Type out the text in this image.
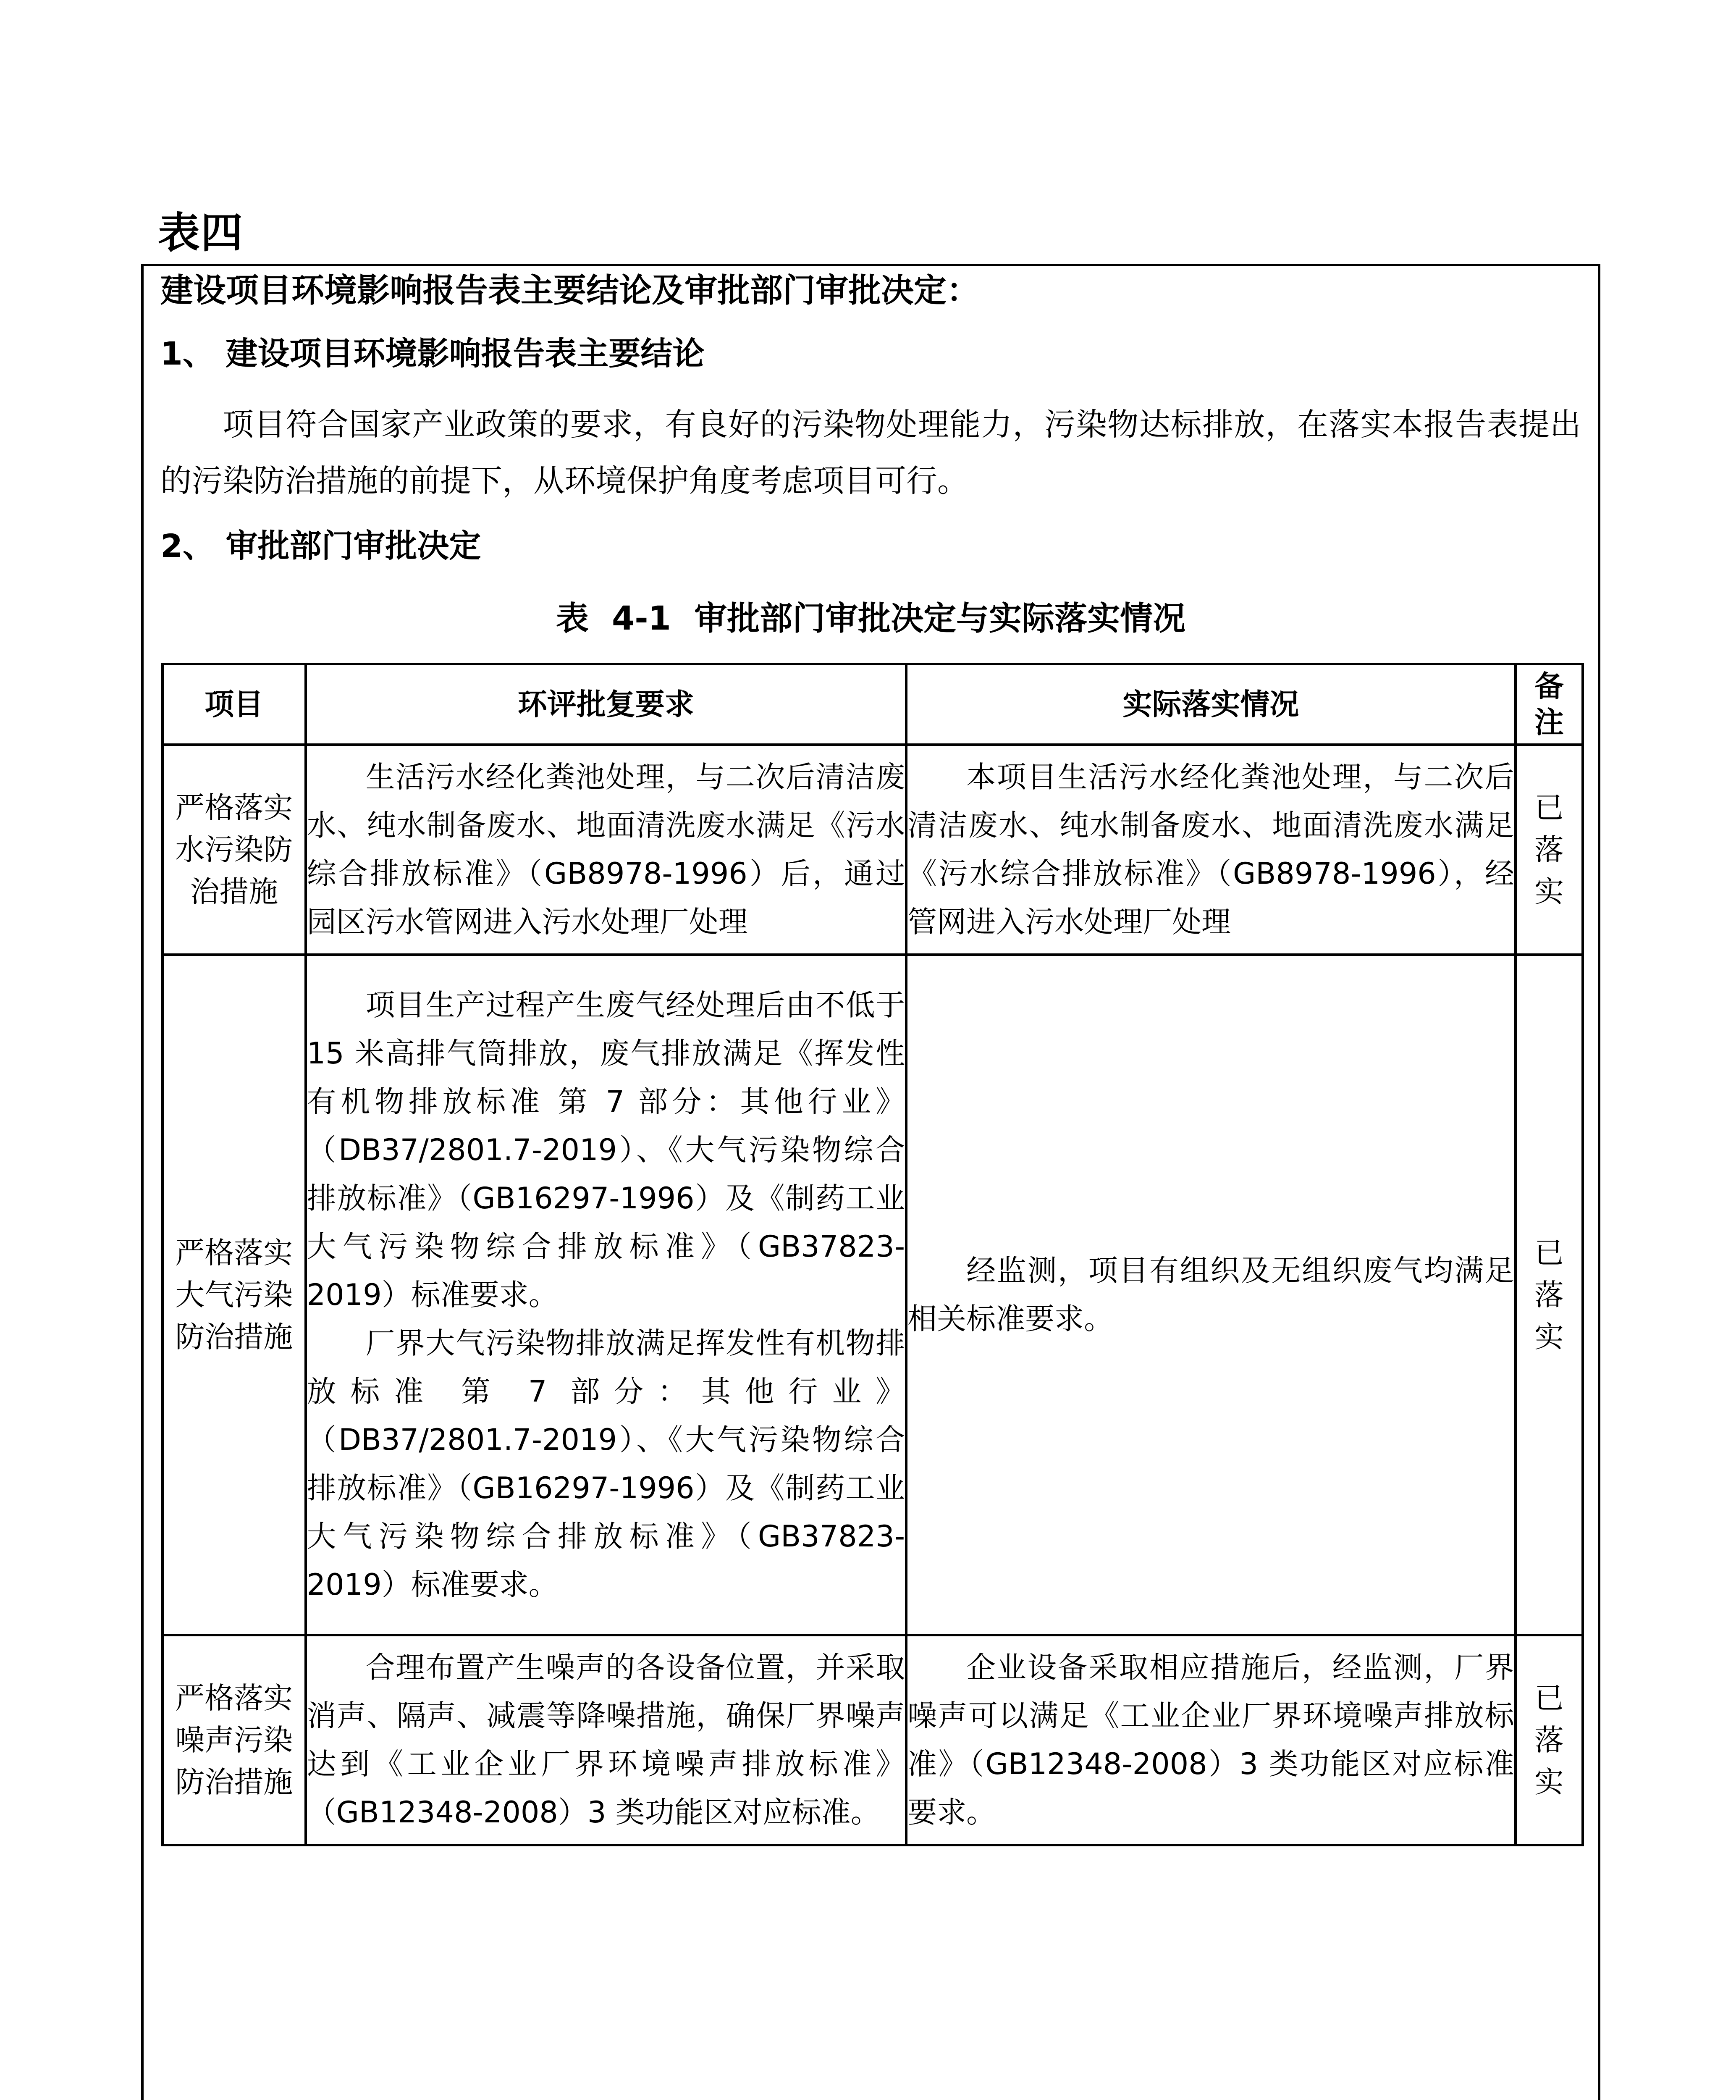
表四
建设项目环境影响报告表主要结论及审批部门审批决定：
1、 建设项目环境影响报告表主要结论

项目符合国家产业政策的要求，有良好的污染物处理能力，污染物达标排放，在落实本报告表提出的污染防治措施的前提下，从环境保护角度考虑项目可行。

2、 审批部门审批决定
表 4-1 审批部门审批决定与实际落实情况
项目	环评批复要求	实际落实情况	备注
严格落实水污染防治措施	生活污水经化粪池处理，与二次后清洁废水、纯水制备废水、地面清洗废水满足《污水综合排放标准》（GB8978-1996）后，通过园区污水管网进入污水处理厂处理	本项目生活污水经化粪池处理，与二次后清洁废水、纯水制备废水、地面清洗废水满足《污水综合排放标准》（GB8978-1996），经管网进入污水处理厂处理	已落实
严格落实大气污染防治措施	项目生产过程产生废气经处理后由不低于 15 米高排气筒排放，废气排放满足《挥发性有机物排放标准 第 7 部分：其他行业》（DB37/2801.7-2019）、《大气污染物综合排放标准》（GB16297-1996）及《制药工业大气污染物综合排放标准》（GB37823-2019）标准要求。

厂界大气污染物排放满足挥发性有机物排放标准 第 7 部分：其他行业》（DB37/2801.7-2019）、《大气污染物综合排放标准》（GB16297-1996）及《制药工业大气污染物综合排放标准》（GB37823-2019）标准要求。	经监测，项目有组织及无组织废气均满足相关标准要求。	已落实
严格落实噪声污染防治措施	合理布置产生噪声的各设备位置，并采取消声、隔声、减震等降噪措施，确保厂界噪声达到《工业企业厂界环境噪声排放标准》（GB12348-2008）3 类功能区对应标准。	企业设备采取相应措施后，经监测，厂界噪声可以满足《工业企业厂界环境噪声排放标准》（GB12348-2008）3 类功能区对应标准要求。	已落实
